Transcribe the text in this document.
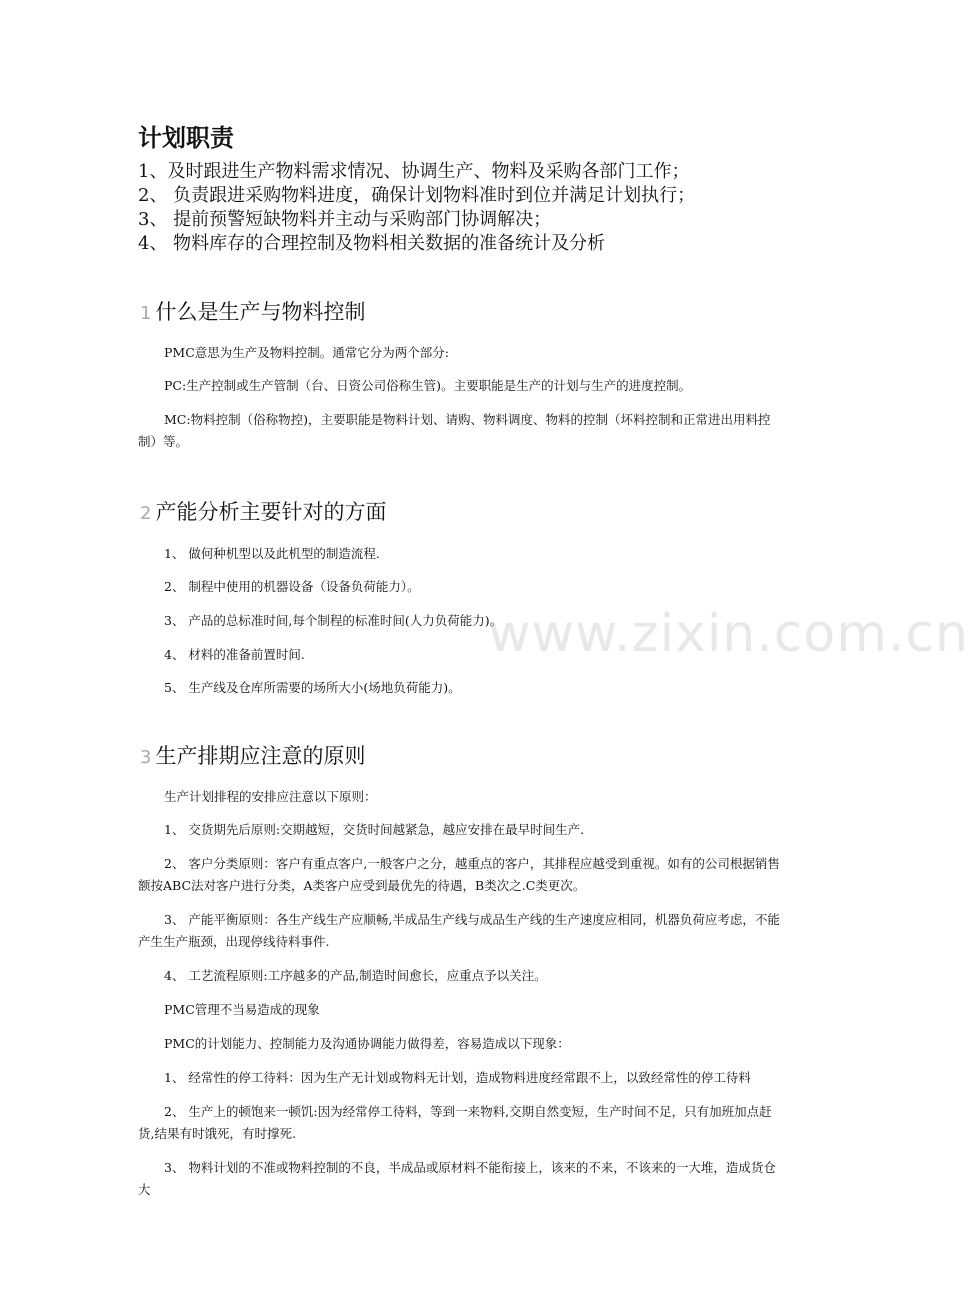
www.zixin.com.cn
计划职责
1、及时跟进生产物料需求情况、协调生产、物料及采购各部门工作；
2、 负责跟进采购物料进度，确保计划物料准时到位并满足计划执行；
3、 提前预警短缺物料并主动与采购部门协调解决；
4、 物料库存的合理控制及物料相关数据的准备统计及分析
1 什么是生产与物料控制
PMC意思为生产及物料控制。通常它分为两个部分:
PC:生产控制或生产管制（台、日资公司俗称生管)。主要职能是生产的计划与生产的进度控制。
MC:物料控制（俗称物控)，主要职能是物料计划、请购、物料调度、物料的控制（坏料控制和正常进出用料控制）等。
2 产能分析主要针对的方面
1、 做何种机型以及此机型的制造流程.
2、 制程中使用的机器设备（设备负荷能力）。
3、 产品的总标准时间,每个制程的标准时间(人力负荷能力)。
4、 材料的准备前置时间.
5、 生产线及仓库所需要的场所大小(场地负荷能力)。
3 生产排期应注意的原则
生产计划排程的安排应注意以下原则：
1、 交货期先后原则:交期越短，交货时间越紧急，越应安排在最早时间生产.
2、 客户分类原则：客户有重点客户,一般客户之分，越重点的客户，其排程应越受到重视。如有的公司根据销售额按ABC法对客户进行分类，A类客户应受到最优先的待遇，B类次之.C类更次。
3、 产能平衡原则：各生产线生产应顺畅,半成品生产线与成品生产线的生产速度应相同，机器负荷应考虑，不能产生生产瓶颈，出现停线待料事件.
4、 工艺流程原则:工序越多的产品,制造时间愈长，应重点予以关注。
PMC管理不当易造成的现象
PMC的计划能力、控制能力及沟通协调能力做得差，容易造成以下现象：
1、 经常性的停工待料：因为生产无计划或物料无计划，造成物料进度经常跟不上，以致经常性的停工待料
2、 生产上的顿饱来一顿饥:因为经常停工待料，等到一来物料,交期自然变短，生产时间不足，只有加班加点赶货,结果有时饿死，有时撑死.
3、 物料计划的不准或物料控制的不良，半成品或原材料不能衔接上，该来的不来，不该来的一大堆，造成货仓大
